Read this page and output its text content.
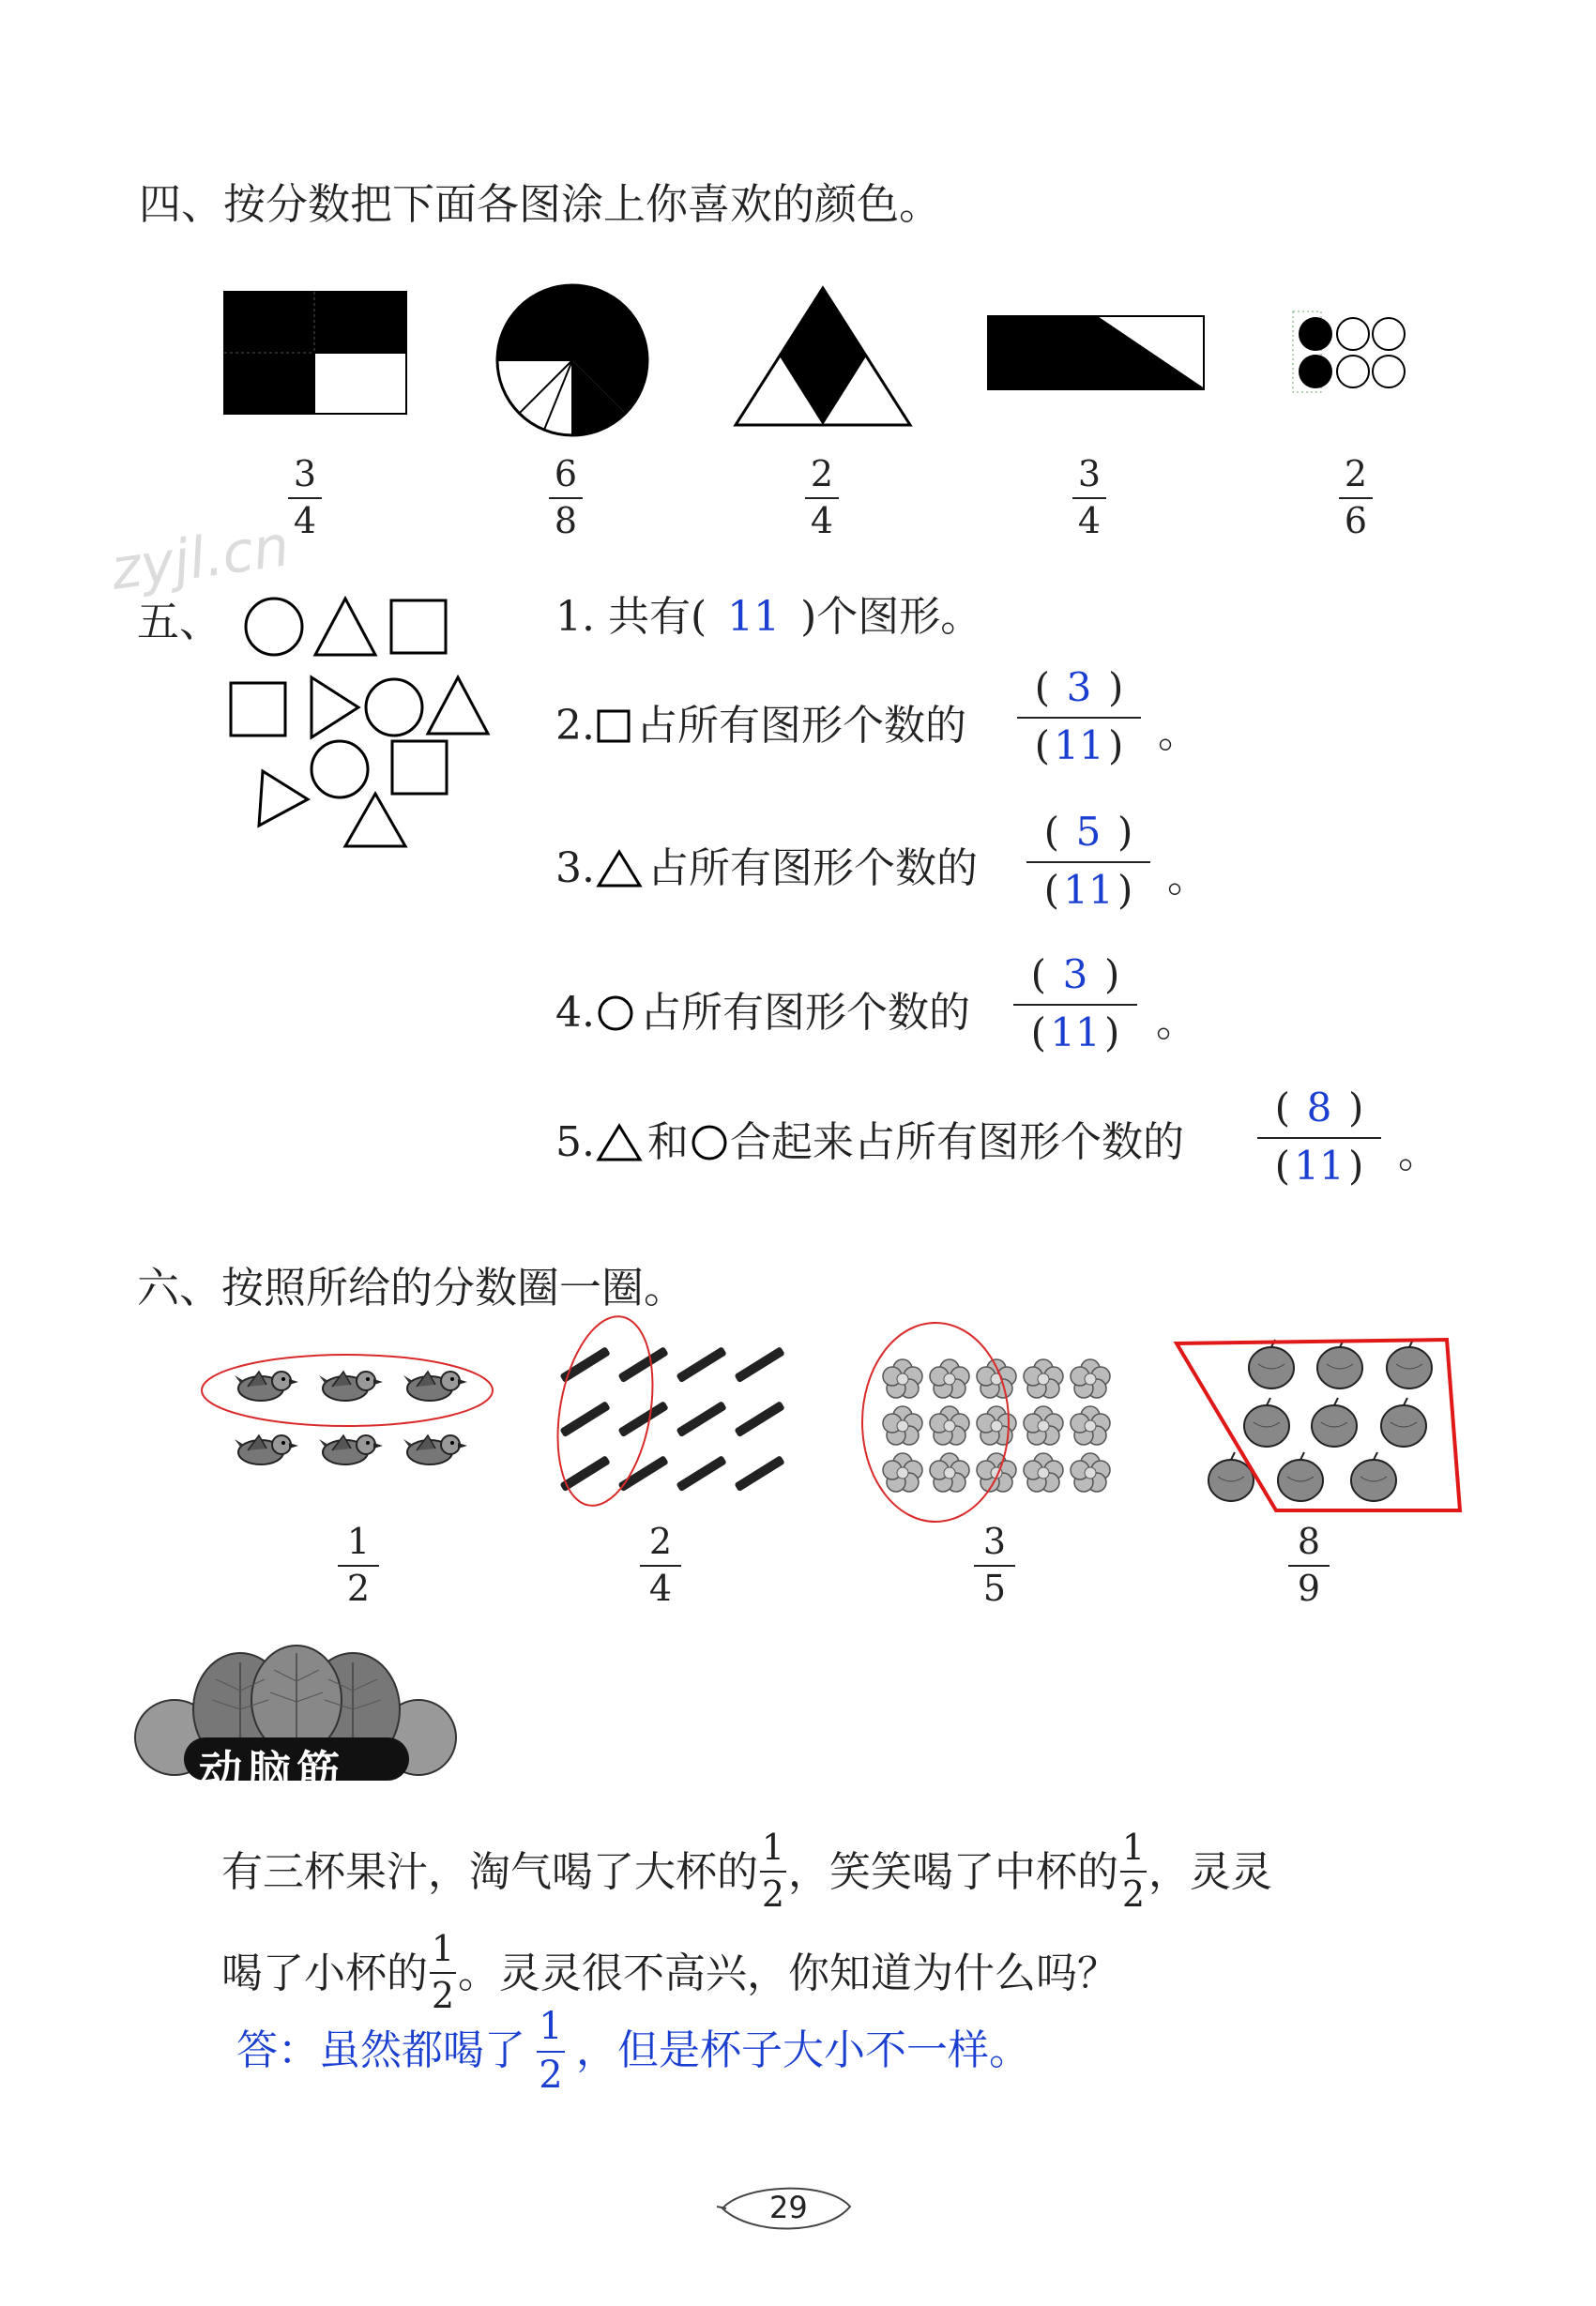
四、按分数把下面各图涂上你喜欢的颜色。
3
4
6
8
2
4
3
4
2
6
zyjl.cn
五、	1. 共有( 11 )个图形。
2. 占所有图形个数的
( 3 )
( 11 ) 。
3. 占所有图形个数的
( 5 )
( 11 ) 。
4. 占所有图形个数的
( 3 )
( 11 ) 。
5. 和 合起来占所有图形个数的
( 8 )
( 11 ) 。
六、按照所给的分数圈一圈。
1
2
2
4
3
5
8
9
动脑筋
有三杯果汁，淘气喝了大杯的 $\frac{1}{2}$ ，笑笑喝了中杯的 $\frac{1}{2}$ ，灵灵
喝了小杯的 $\frac{1}{2}$ 。灵灵很不高兴，你知道为什么吗？
答：虽然都喝了 $\frac{1}{2}$ ，但是杯子大小不一样。
29
